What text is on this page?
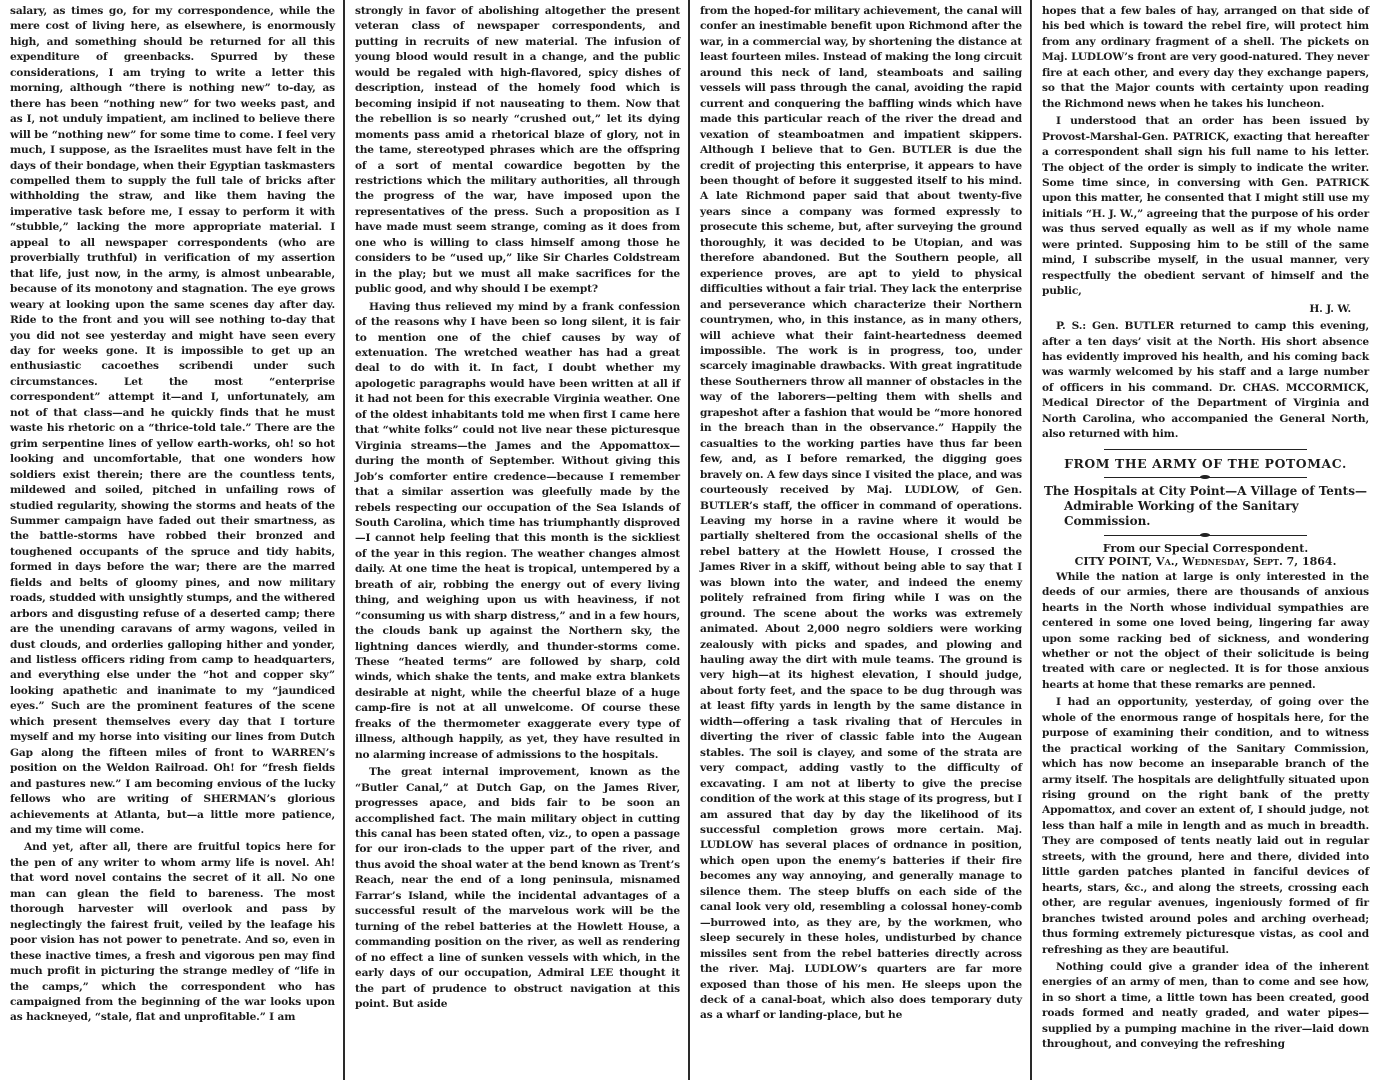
salary, as times go, for my correspondence, while the mere cost of living here, as elsewhere, is enormously high, and something should be returned for all this expenditure of greenbacks. Spurred by these considerations, I am trying to write a letter this morning, although “there is nothing new” to-day, as there has been “nothing new” for two weeks past, and as I, not unduly impatient, am inclined to believe there will be “nothing new” for some time to come. I feel very much, I suppose, as the Israelites must have felt in the days of their bondage, when their Egyptian taskmasters compelled them to supply the full tale of bricks after withholding the straw, and like them having the imperative task before me, I essay to perform it with “stubble,” lacking the more appropriate material. I appeal to all newspaper correspondents (who are proverbially truthful) in verification of my assertion that life, just now, in the army, is almost unbearable, because of its monotony and stagnation. The eye grows weary at looking upon the same scenes day after day. Ride to the front and you will see nothing to-day that you did not see yesterday and might have seen every day for weeks gone. It is impossible to get up an enthusiastic cacoethes scribendi under such circumstances. Let the most “enterprise correspondent” attempt it—and I, unfortunately, am not of that class—and he quickly finds that he must waste his rhetoric on a “thrice-told tale.” There are the grim serpentine lines of yellow earth-works, oh! so hot looking and uncomfortable, that one wonders how soldiers exist therein; there are the countless tents, mildewed and soiled, pitched in unfailing rows of studied regularity, showing the storms and heats of the Summer campaign have faded out their smartness, as the battle-storms have robbed their bronzed and toughened occupants of the spruce and tidy habits, formed in days before the war; there are the marred fields and belts of gloomy pines, and now military roads, studded with unsightly stumps, and the withered arbors and disgusting refuse of a deserted camp; there are the unending caravans of army wagons, veiled in dust clouds, and orderlies galloping hither and yonder, and listless officers riding from camp to headquarters, and everything else under the “hot and copper sky” looking apathetic and inanimate to my “jaundiced eyes.” Such are the prominent features of the scene which present themselves every day that I torture myself and my horse into visiting our lines from Dutch Gap along the fifteen miles of front to WARREN’s position on the Weldon Railroad. Oh! for “fresh fields and pastures new.” I am becoming envious of the lucky fellows who are writing of SHERMAN’s glorious achievements at Atlanta, but—a little more patience, and my time will come.

And yet, after all, there are fruitful topics here for the pen of any writer to whom army life is novel. Ah! that word novel contains the secret of it all. No one man can glean the field to bareness. The most thorough harvester will overlook and pass by neglectingly the fairest fruit, veiled by the leafage his poor vision has not power to penetrate. And so, even in these inactive times, a fresh and vigorous pen may find much profit in picturing the strange medley of “life in the camps,” which the correspondent who has campaigned from the beginning of the war looks upon as hackneyed, “stale, flat and unprofitable.” I am

strongly in favor of abolishing altogether the present veteran class of newspaper correspondents, and putting in recruits of new material. The infusion of young blood would result in a change, and the public would be regaled with high-flavored, spicy dishes of description, instead of the homely food which is becoming insipid if not nauseating to them. Now that the rebellion is so nearly “crushed out,” let its dying moments pass amid a rhetorical blaze of glory, not in the tame, stereotyped phrases which are the offspring of a sort of mental cowardice begotten by the restrictions which the military authorities, all through the progress of the war, have imposed upon the representatives of the press. Such a proposition as I have made must seem strange, coming as it does from one who is willing to class himself among those he considers to be “used up,” like Sir Charles Coldstream in the play; but we must all make sacrifices for the public good, and why should I be exempt?

Having thus relieved my mind by a frank confession of the reasons why I have been so long silent, it is fair to mention one of the chief causes by way of extenuation. The wretched weather has had a great deal to do with it. In fact, I doubt whether my apologetic paragraphs would have been written at all if it had not been for this execrable Virginia weather. One of the oldest inhabitants told me when first I came here that “white folks” could not live near these picturesque Virginia streams—the James and the Appomattox—during the month of September. Without giving this Job’s comforter entire credence—because I remember that a similar assertion was gleefully made by the rebels respecting our occupation of the Sea Islands of South Carolina, which time has triumphantly disproved—I cannot help feeling that this month is the sickliest of the year in this region. The weather changes almost daily. At one time the heat is tropical, untempered by a breath of air, robbing the energy out of every living thing, and weighing upon us with heaviness, if not “consuming us with sharp distress,” and in a few hours, the clouds bank up against the Northern sky, the lightning dances wierdly, and thunder-storms come. These “heated terms” are followed by sharp, cold winds, which shake the tents, and make extra blankets desirable at night, while the cheerful blaze of a huge camp-fire is not at all unwelcome. Of course these freaks of the thermometer exaggerate every type of illness, although happily, as yet, they have resulted in no alarming increase of admissions to the hospitals.

The great internal improvement, known as the “Butler Canal,” at Dutch Gap, on the James River, progresses apace, and bids fair to be soon an accomplished fact. The main military object in cutting this canal has been stated often, viz., to open a passage for our iron-clads to the upper part of the river, and thus avoid the shoal water at the bend known as Trent’s Reach, near the end of a long peninsula, misnamed Farrar’s Island, while the incidental advantages of a successful result of the marvelous work will be the turning of the rebel batteries at the Howlett House, a commanding position on the river, as well as rendering of no effect a line of sunken vessels with which, in the early days of our occupation, Admiral LEE thought it the part of prudence to obstruct navigation at this point. But aside

from the hoped-for military achievement, the canal will confer an inestimable benefit upon Richmond after the war, in a commercial way, by shortening the distance at least fourteen miles. Instead of making the long circuit around this neck of land, steamboats and sailing vessels will pass through the canal, avoiding the rapid current and conquering the baffling winds which have made this particular reach of the river the dread and vexation of steamboatmen and impatient skippers. Although I believe that to Gen. BUTLER is due the credit of projecting this enterprise, it appears to have been thought of before it suggested itself to his mind. A late Richmond paper said that about twenty-five years since a company was formed expressly to prosecute this scheme, but, after surveying the ground thoroughly, it was decided to be Utopian, and was therefore abandoned. But the Southern people, all experience proves, are apt to yield to physical difficulties without a fair trial. They lack the enterprise and perseverance which characterize their Northern countrymen, who, in this instance, as in many others, will achieve what their faint-heartedness deemed impossible. The work is in progress, too, under scarcely imaginable drawbacks. With great ingratitude these Southerners throw all manner of obstacles in the way of the laborers—pelting them with shells and grapeshot after a fashion that would be “more honored in the breach than in the observance.” Happily the casualties to the working parties have thus far been few, and, as I before remarked, the digging goes bravely on. A few days since I visited the place, and was courteously received by Maj. LUDLOW, of Gen. BUTLER’s staff, the officer in command of operations. Leaving my horse in a ravine where it would be partially sheltered from the occasional shells of the rebel battery at the Howlett House, I crossed the James River in a skiff, without being able to say that I was blown into the water, and indeed the enemy politely refrained from firing while I was on the ground. The scene about the works was extremely animated. About 2,000 negro soldiers were working zealously with picks and spades, and plowing and hauling away the dirt with mule teams. The ground is very high—at its highest elevation, I should judge, about forty feet, and the space to be dug through was at least fifty yards in length by the same distance in width—offering a task rivaling that of Hercules in diverting the river of classic fable into the Augean stables. The soil is clayey, and some of the strata are very compact, adding vastly to the difficulty of excavating. I am not at liberty to give the precise condition of the work at this stage of its progress, but I am assured that day by day the likelihood of its successful completion grows more certain. Maj. LUDLOW has several places of ordnance in position, which open upon the enemy’s batteries if their fire becomes any way annoying, and generally manage to silence them. The steep bluffs on each side of the canal look very old, resembling a colossal honey-comb—burrowed into, as they are, by the workmen, who sleep securely in these holes, undisturbed by chance missiles sent from the rebel batteries directly across the river. Maj. LUDLOW’s quarters are far more exposed than those of his men. He sleeps upon the deck of a canal-boat, which also does temporary duty as a wharf or landing-place, but he

hopes that a few bales of hay, arranged on that side of his bed which is toward the rebel fire, will protect him from any ordinary fragment of a shell. The pickets on Maj. LUDLOW’s front are very good-natured. They never fire at each other, and every day they exchange papers, so that the Major counts with certainty upon reading the Richmond news when he takes his luncheon.

I understood that an order has been issued by Provost-Marshal-Gen. PATRICK, exacting that hereafter a correspondent shall sign his full name to his letter. The object of the order is simply to indicate the writer. Some time since, in conversing with Gen. PATRICK upon this matter, he consented that I might still use my initials “H. J. W.,” agreeing that the purpose of his order was thus served equally as well as if my whole name were printed. Supposing him to be still of the same mind, I subscribe myself, in the usual manner, very respectfully the obedient servant of himself and the public,

H. J. W.

P. S.: Gen. BUTLER returned to camp this evening, after a ten days’ visit at the North. His short absence has evidently improved his health, and his coming back was warmly welcomed by his staff and a large number of officers in his command. Dr. CHAS. MCCORMICK, Medical Director of the Department of Virginia and North Carolina, who accompanied the General North, also returned with him.

FROM THE ARMY OF THE POTOMAC.
The Hospitals at City Point—A Village of Tents—Admirable Working of the Sanitary Commission.
From our Special Correspondent.
CITY POINT, Va., Wednesday, Sept. 7, 1864.

While the nation at large is only interested in the deeds of our armies, there are thousands of anxious hearts in the North whose individual sympathies are centered in some one loved being, lingering far away upon some racking bed of sickness, and wondering whether or not the object of their solicitude is being treated with care or neglected. It is for those anxious hearts at home that these remarks are penned.

I had an opportunity, yesterday, of going over the whole of the enormous range of hospitals here, for the purpose of examining their condition, and to witness the practical working of the Sanitary Commission, which has now become an inseparable branch of the army itself. The hospitals are delightfully situated upon rising ground on the right bank of the pretty Appomattox, and cover an extent of, I should judge, not less than half a mile in length and as much in breadth. They are composed of tents neatly laid out in regular streets, with the ground, here and there, divided into little garden patches planted in fanciful devices of hearts, stars, &c., and along the streets, crossing each other, are regular avenues, ingeniously formed of fir branches twisted around poles and arching overhead; thus forming extremely picturesque vistas, as cool and refreshing as they are beautiful.

Nothing could give a grander idea of the inherent energies of an army of men, than to come and see how, in so short a time, a little town has been created, good roads formed and neatly graded, and water pipes—supplied by a pumping machine in the river—laid down throughout, and conveying the refreshing
